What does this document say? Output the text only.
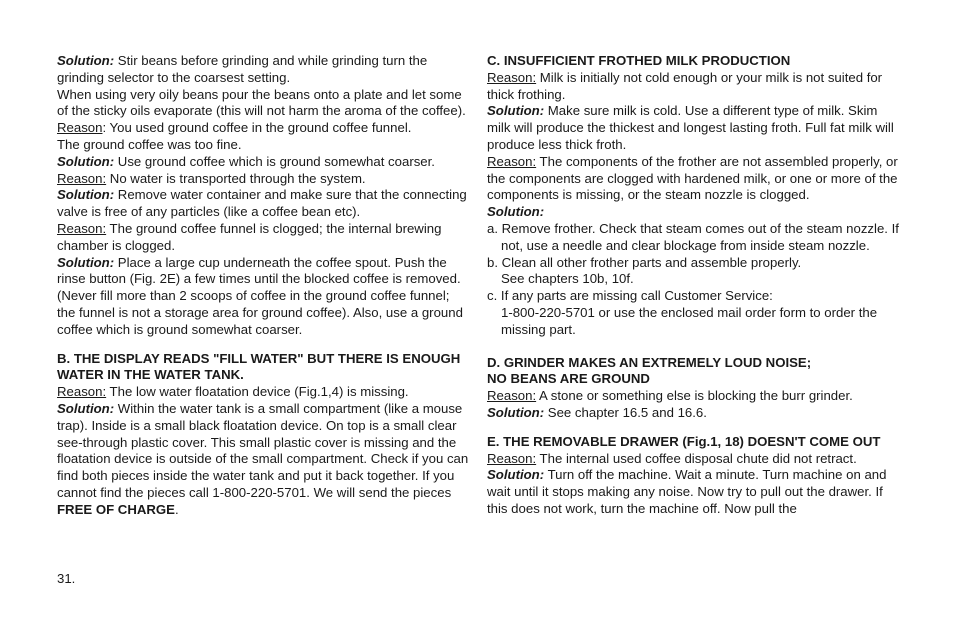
Solution: Stir beans before grinding and while grinding turn the grinding selector to the coarsest setting.

When using very oily beans pour the beans onto a plate and let some of the sticky oils evaporate (this will not harm the aroma of the coffee).

Reason: You used ground coffee in the ground coffee funnel.

The ground coffee was too fine.

Solution: Use ground coffee which is ground somewhat coarser.

Reason: No water is transported through the system.

Solution: Remove water container and make sure that the connecting valve is free of any particles (like a coffee bean etc).

Reason: The ground coffee funnel is clogged; the internal brewing chamber is clogged.

Solution: Place a large cup underneath the coffee spout. Push the rinse button (Fig. 2E) a few times until the blocked coffee is removed. (Never fill more than 2 scoops of coffee in the ground coffee funnel; the funnel is not a storage area for ground coffee). Also, use a ground coffee which is ground somewhat coarser.

B. THE DISPLAY READS "FILL WATER" BUT THERE IS ENOUGH WATER IN THE WATER TANK.

Reason: The low water floatation device (Fig.1,4) is missing.

Solution: Within the water tank is a small compartment (like a mouse trap). Inside is a small black floatation device. On top is a small clear see-through plastic cover. This small plastic cover is missing and the floatation device is outside of the small compartment. Check if you can find both pieces inside the water tank and put it back together. If you cannot find the pieces call 1-800-220-5701. We will send the pieces FREE OF CHARGE.

C. INSUFFICIENT FROTHED MILK PRODUCTION

Reason: Milk is initially not cold enough or your milk is not suited for thick frothing.

Solution: Make sure milk is cold. Use a different type of milk. Skim milk will produce the thickest and longest lasting froth. Full fat milk will produce less thick froth.

Reason: The components of the frother are not assembled properly, or the components are clogged with hardened milk, or one or more of the components is missing, or the steam nozzle is clogged.

Solution:

a. Remove frother. Check that steam comes out of the steam nozzle. If not, use a needle and clear blockage from inside steam nozzle.

b. Clean all other frother parts and assemble properly.

See chapters 10b, 10f.

c. If any parts are missing call Customer Service:

1-800-220-5701 or use the enclosed mail order form to order the missing part.

D. GRINDER MAKES AN EXTREMELY LOUD NOISE;

NO BEANS ARE GROUND

Reason: A stone or something else is blocking the burr grinder.

Solution: See chapter 16.5 and 16.6.

E. THE REMOVABLE DRAWER (Fig.1, 18) DOESN'T COME OUT

Reason: The internal used coffee disposal chute did not retract.

Solution: Turn off the machine. Wait a minute. Turn machine on and wait until it stops making any noise. Now try to pull out the drawer. If this does not work, turn the machine off. Now pull the

31.
